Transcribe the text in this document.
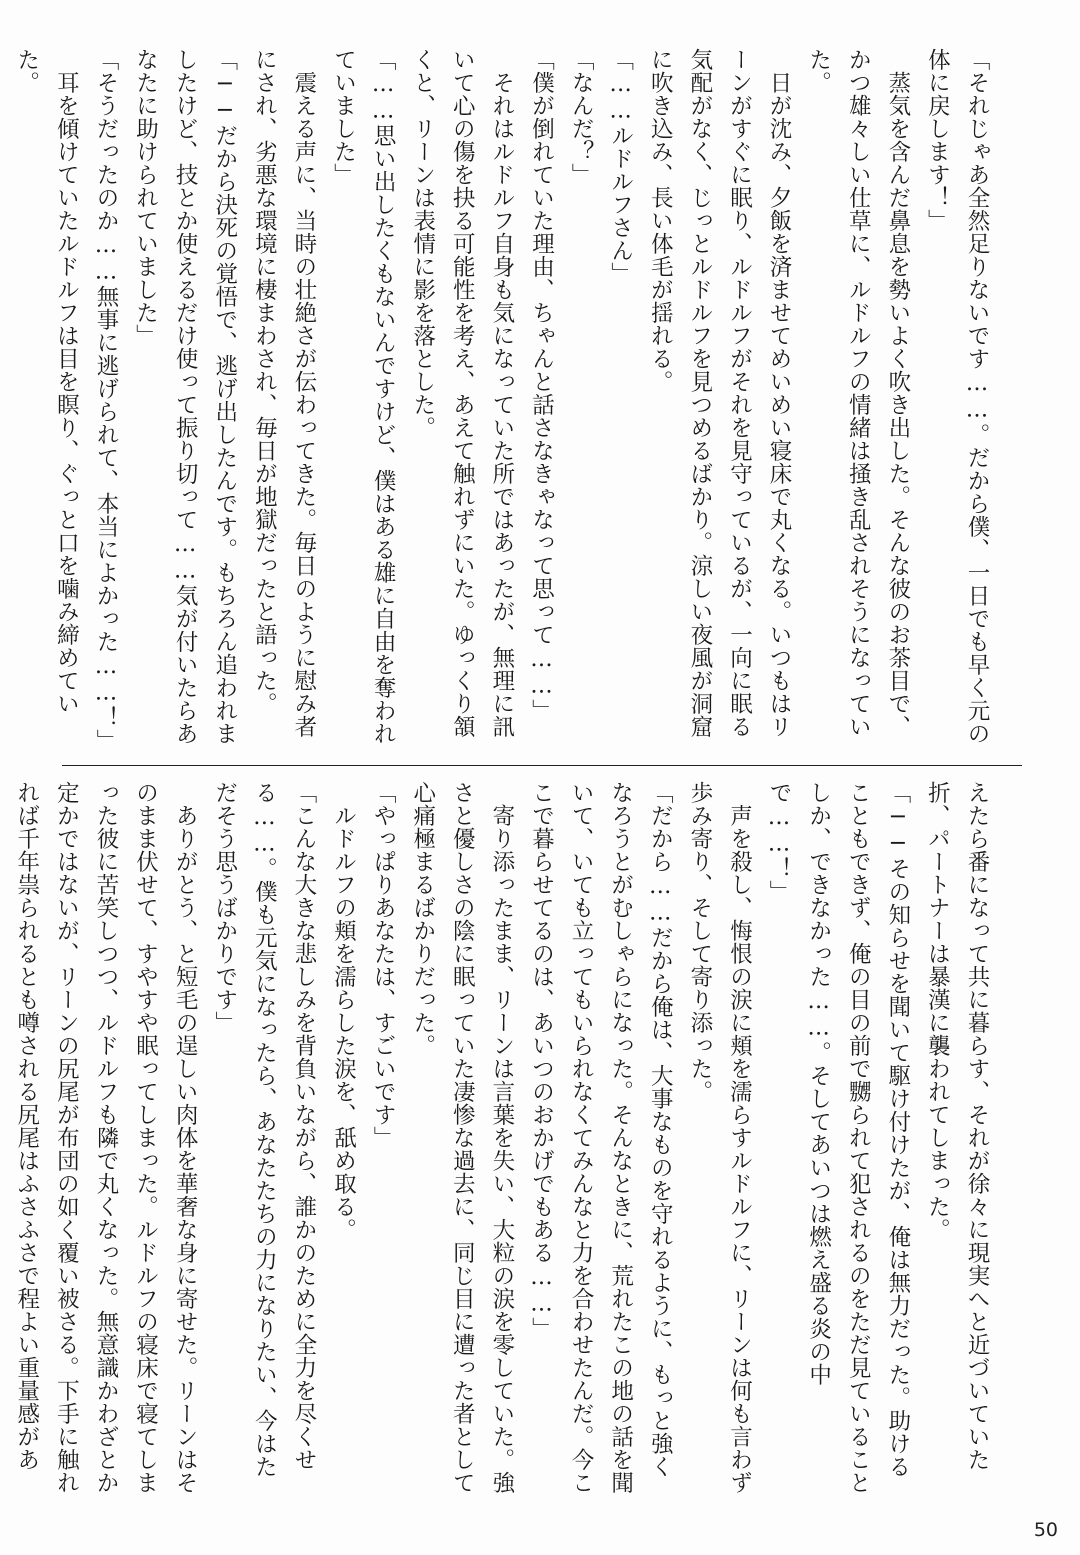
「それじゃあ全然足りないです……。だから僕、一日でも早く元の体に戻します！」

蒸気を含んだ鼻息を勢いよく吹き出した。そんな彼のお茶目で、かつ雄々しい仕草に、ルドルフの情緒は掻き乱されそうになっていた。

日が沈み、夕飯を済ませてめいめい寝床で丸くなる。いつもはリーンがすぐに眠り、ルドルフがそれを見守っているが、一向に眠る気配がなく、じっとルドルフを見つめるばかり。涼しい夜風が洞窟に吹き込み、長い体毛が揺れる。

「……ルドルフさん」

「なんだ？」

「僕が倒れていた理由、ちゃんと話さなきゃなって思って……」

それはルドルフ自身も気になっていた所ではあったが、無理に訊いて心の傷を抉る可能性を考え、あえて触れずにいた。ゆっくり頷くと、リーンは表情に影を落とした。

「……思い出したくもないんですけど、僕はある雄に自由を奪われていました」

震える声に、当時の壮絶さが伝わってきた。毎日のように慰み者にされ、劣悪な環境に棲まわされ、毎日が地獄だったと語った。

「──だから決死の覚悟で、逃げ出したんです。もちろん追われましたけど、技とか使えるだけ使って振り切って……気が付いたらあなたに助けられていました」

「そうだったのか……無事に逃げられて、本当によかった……！」

耳を傾けていたルドルフは目を瞑り、ぐっと口を噛み締めていた。

えたら番になって共に暮らす、それが徐々に現実へと近づいていた折、パートナーは暴漢に襲われてしまった。

「──その知らせを聞いて駆け付けたが、俺は無力だった。助けることもできず、俺の目の前で嬲られて犯されるのをただ見ていることしか、できなかった……。そしてあいつは燃え盛る炎の中で……！」

声を殺し、悔恨の涙に頬を濡らすルドルフに、リーンは何も言わず歩み寄り、そして寄り添った。

「だから……だから俺は、大事なものを守れるように、もっと強くなろうとがむしゃらになった。そんなときに、荒れたこの地の話を聞いて、いても立ってもいられなくてみんなと力を合わせたんだ。今ここで暮らせてるのは、あいつのおかげでもある……」

寄り添ったまま、リーンは言葉を失い、大粒の涙を零していた。強さと優しさの陰に眠っていた凄惨な過去に、同じ目に遭った者として心痛極まるばかりだった。

「やっぱりあなたは、すごいです」

ルドルフの頬を濡らした涙を、舐め取る。

「こんな大きな悲しみを背負いながら、誰かのために全力を尽くせる……。僕も元気になったら、あなたたちの力になりたい、今はただそう思うばかりです」

ありがとう、と短毛の逞しい肉体を華奢な身に寄せた。リーンはそのまま伏せて、すやすや眠ってしまった。ルドルフの寝床で寝てしまった彼に苦笑しつつ、ルドルフも隣で丸くなった。無意識かわざとか定かではないが、リーンの尻尾が布団の如く覆い被さる。下手に触れれば千年祟られるとも噂される尻尾はふさふさで程よい重量感があ

50
